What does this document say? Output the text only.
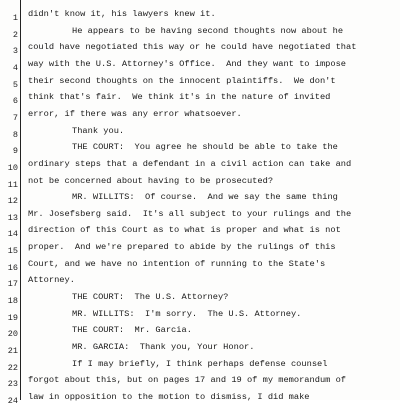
1 didn't know it, his lawyers knew it.
2	He appears to be having second thoughts now about he
3 could have negotiated this way or he could have negotiated that
4 way with the U.S. Attorney's Office.  And they want to impose
5 their second thoughts on the innocent plaintiffs.  We don't
6 think that's fair.  We think it's in the nature of invited
7 error, if there was any error whatsoever.
8	Thank you.
9	THE COURT:  You agree he should be able to take the
10 ordinary steps that a defendant in a civil action can take and
11 not be concerned about having to be prosecuted?
12	MR. WILLITS:  Of course.  And we say the same thing
13 Mr. Josefsberg said.  It's all subject to your rulings and the
14 direction of this Court as to what is proper and what is not
15 proper.  And we're prepared to abide by the rulings of this
16 Court, and we have no intention of running to the State's
17 Attorney.
18	THE COURT:  The U.S. Attorney?
19	MR. WILLITS:  I'm sorry.  The U.S. Attorney.
20	THE COURT:  Mr. Garcia.
21	MR. GARCIA:  Thank you, Your Honor.
22	If I may briefly, I think perhaps defense counsel
23 forgot about this, but on pages 17 and 19 of my memorandum of
24 law in opposition to the motion to dismiss, I did make
